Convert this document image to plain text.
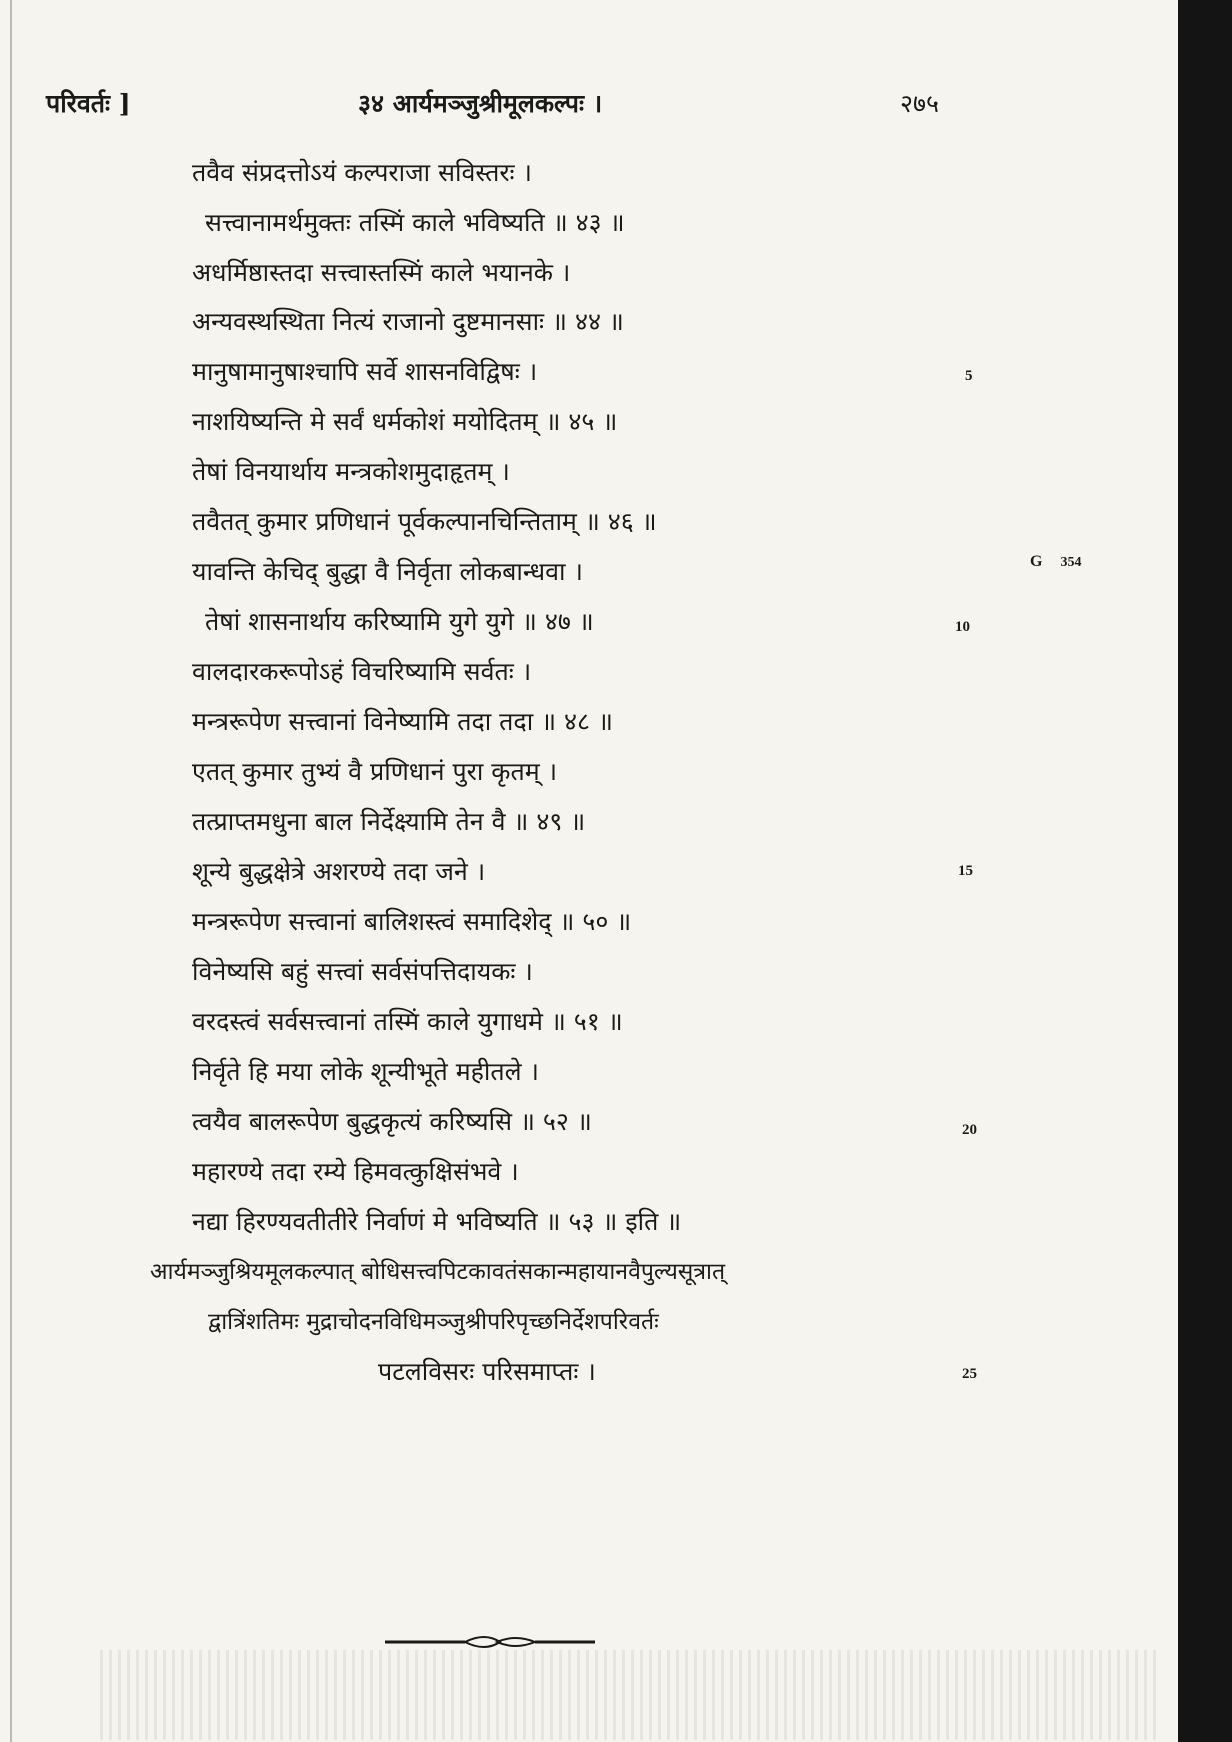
परिवर्तः ]	३४ आर्यमञ्जुश्रीमूलकल्पः ।	२७५
तवैव संप्रदत्तोऽयं कल्पराजा सविस्तरः ।
सत्त्वानामर्थमुक्तः तस्मिं काले भविष्यति ॥ ४३ ॥
अधर्मिष्ठास्तदा सत्त्वास्तस्मिं काले भयानके ।
अन्यवस्थस्थिता नित्यं राजानो दुष्टमानसाः ॥ ४४ ॥
मानुषामानुषाश्चापि सर्वे शासनविद्विषः ।
नाशयिष्यन्ति मे सर्वं धर्मकोशं मयोदितम् ॥ ४५ ॥
तेषां विनयार्थाय मन्त्रकोशमुदाहृतम् ।
तवैतत् कुमार प्रणिधानं पूर्वकल्पानचिन्तिताम् ॥ ४६ ॥
यावन्ति केचिद् बुद्धा वै निर्वृता लोकबान्धवा ।
तेषां शासनार्थाय करिष्यामि युगे युगे ॥ ४७ ॥
वालदारकरूपोऽहं विचरिष्यामि सर्वतः ।
मन्त्ररूपेण सत्त्वानां विनेष्यामि तदा तदा ॥ ४८ ॥
एतत् कुमार तुभ्यं वै प्रणिधानं पुरा कृतम् ।
तत्प्राप्तमधुना बाल निर्देक्ष्यामि तेन वै ॥ ४९ ॥
शून्ये बुद्धक्षेत्रे अशरण्ये तदा जने ।
मन्त्ररूपेण सत्त्वानां बालिशस्त्वं समादिशेद् ॥ ५० ॥
विनेष्यसि बहुं सत्त्वां सर्वसंपत्तिदायकः ।
वरदस्त्वं सर्वसत्त्वानां तस्मिं काले युगाधमे ॥ ५१ ॥
निर्वृते हि मया लोके शून्यीभूते महीतले ।
त्वयैव बालरूपेण बुद्धकृत्यं करिष्यसि ॥ ५२ ॥
महारण्ये तदा रम्ये हिमवत्कुक्षिसंभवे ।
नद्या हिरण्यवतीतीरे निर्वाणं मे भविष्यति ॥ ५३ ॥ इति ॥
आर्यमञ्जुश्रियमूलकल्पात् बोधिसत्त्वपिटकावतंसकान्महायानवैपुल्यसूत्रात्
द्वात्रिंशतिमः मुद्राचोदनविधिमञ्जुश्रीपरिपृच्छनिर्देशपरिवर्तः
पटलविसरः परिसमाप्तः ।
5
10
15
20
25
G 354
